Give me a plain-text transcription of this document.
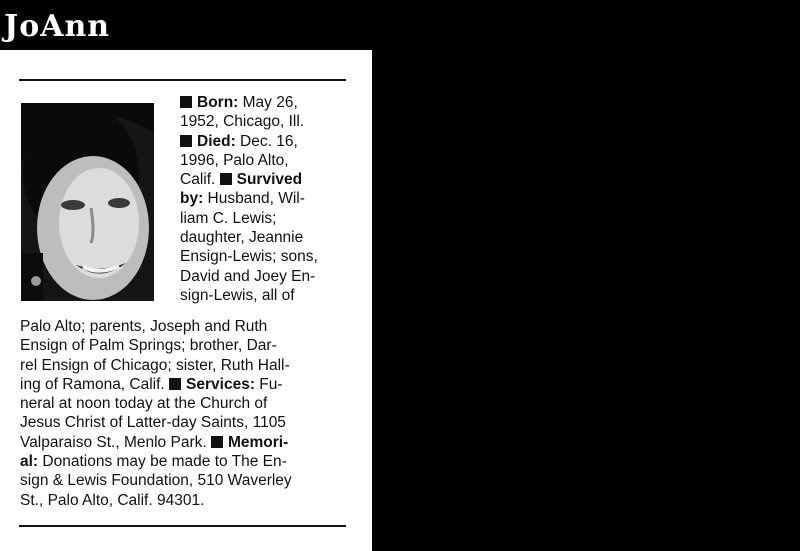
JoAnn
Born: May 26,
1952, Chicago, Ill.
Died: Dec. 16,
1996, Palo Alto,
Calif. Survived
by: Husband, Wil-
liam C. Lewis;
daughter, Jeannie
Ensign-Lewis; sons,
David and Joey En-
sign-Lewis, all of
Palo Alto; parents, Joseph and Ruth
Ensign of Palm Springs; brother, Dar-
rel Ensign of Chicago; sister, Ruth Hall-
ing of Ramona, Calif. Services: Fu-
neral at noon today at the Church of
Jesus Christ of Latter-day Saints, 1105
Valparaiso St., Menlo Park. Memori-
al: Donations may be made to The En-
sign & Lewis Foundation, 510 Waverley
St., Palo Alto, Calif. 94301.
